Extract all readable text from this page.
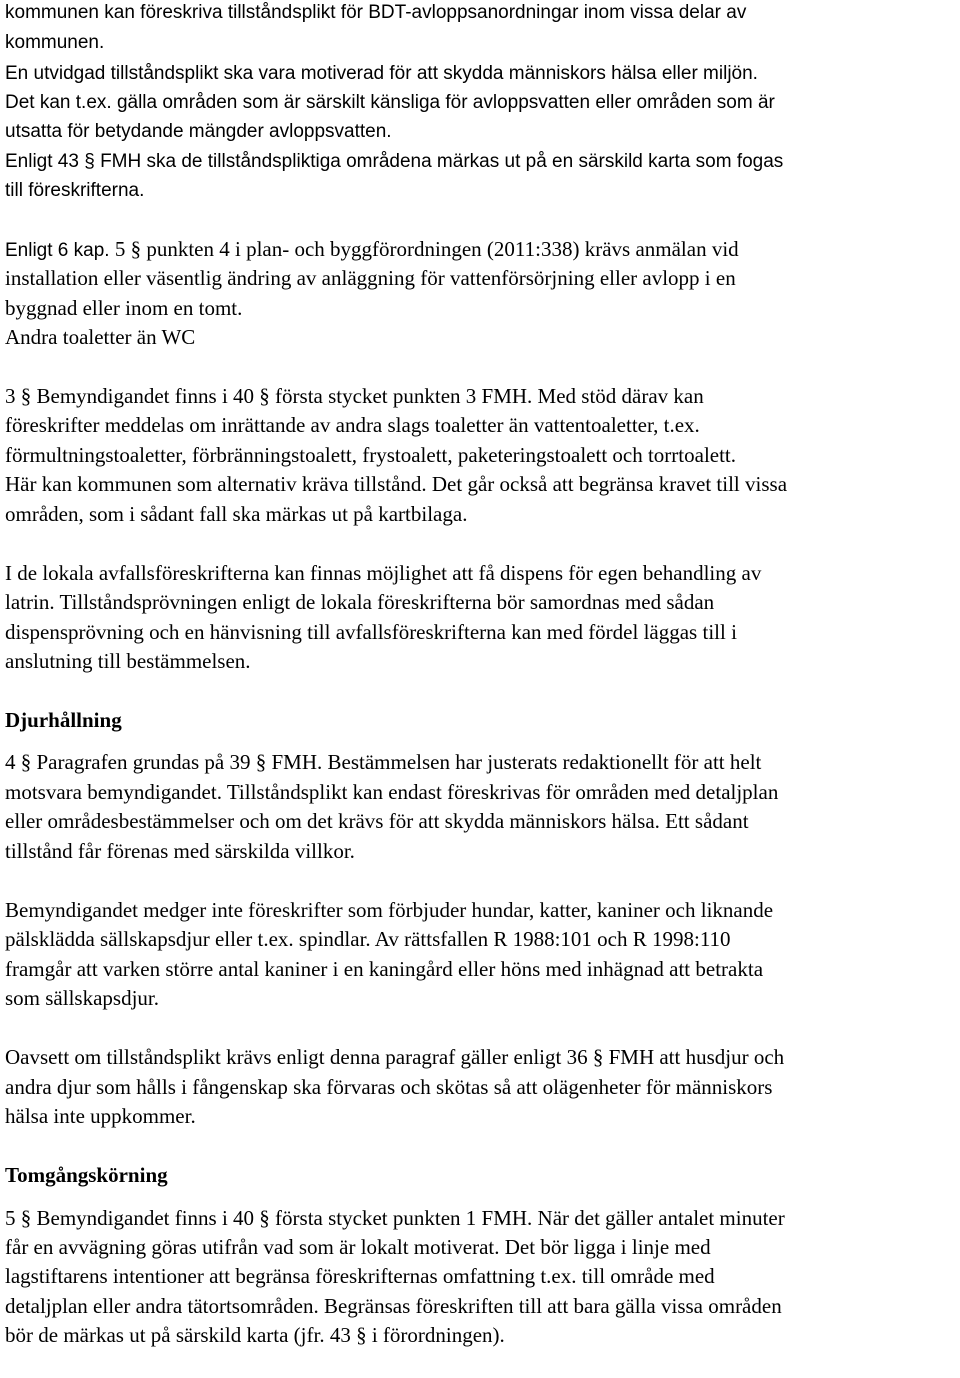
kommunen kan föreskriva tillståndsplikt för BDT-avloppsanordningar inom vissa delar av
kommunen.
En utvidgad tillståndsplikt ska vara motiverad för att skydda människors hälsa eller miljön.
Det kan t.ex. gälla områden som är särskilt känsliga för avloppsvatten eller områden som är
utsatta för betydande mängder avloppsvatten.
Enligt 43 § FMH ska de tillståndspliktiga områdena märkas ut på en särskild karta som fogas
till föreskrifterna.
Enligt 6 kap. 5 § punkten 4 i plan- och byggförordningen (2011:338) krävs anmälan vid
installation eller väsentlig ändring av anläggning för vattenförsörjning eller avlopp i en
byggnad eller inom en tomt.
Andra toaletter än WC
3 § Bemyndigandet finns i 40 § första stycket punkten 3 FMH. Med stöd därav kan
föreskrifter meddelas om inrättande av andra slags toaletter än vattentoaletter, t.ex.
förmultningstoaletter, förbränningstoalett, frystoalett, paketeringstoalett och torrtoalett.
Här kan kommunen som alternativ kräva tillstånd. Det går också att begränsa kravet till vissa
områden, som i sådant fall ska märkas ut på kartbilaga.
I de lokala avfallsföreskrifterna kan finnas möjlighet att få dispens för egen behandling av
latrin. Tillståndsprövningen enligt de lokala föreskrifterna bör samordnas med sådan
dispensprövning och en hänvisning till avfallsföreskrifterna kan med fördel läggas till i
anslutning till bestämmelsen.
Djurhållning
4 § Paragrafen grundas på 39 § FMH. Bestämmelsen har justerats redaktionellt för att helt
motsvara bemyndigandet. Tillståndsplikt kan endast föreskrivas för områden med detaljplan
eller områdesbestämmelser och om det krävs för att skydda människors hälsa. Ett sådant
tillstånd får förenas med särskilda villkor.
Bemyndigandet medger inte föreskrifter som förbjuder hundar, katter, kaniner och liknande
pälsklädda sällskapsdjur eller t.ex. spindlar. Av rättsfallen R 1988:101 och R 1998:110
framgår att varken större antal kaniner i en kaningård eller höns med inhägnad att betrakta
som sällskapsdjur.
Oavsett om tillståndsplikt krävs enligt denna paragraf gäller enligt 36 § FMH att husdjur och
andra djur som hålls i fångenskap ska förvaras och skötas så att olägenheter för människors
hälsa inte uppkommer.
Tomgångskörning
5 § Bemyndigandet finns i 40 § första stycket punkten 1 FMH. När det gäller antalet minuter
får en avvägning göras utifrån vad som är lokalt motiverat. Det bör ligga i linje med
lagstiftarens intentioner att begränsa föreskrifternas omfattning t.ex. till område med
detaljplan eller andra tätortsområden. Begränsas föreskriften till att bara gälla vissa områden
bör de märkas ut på särskild karta (jfr. 43 § i förordningen).
